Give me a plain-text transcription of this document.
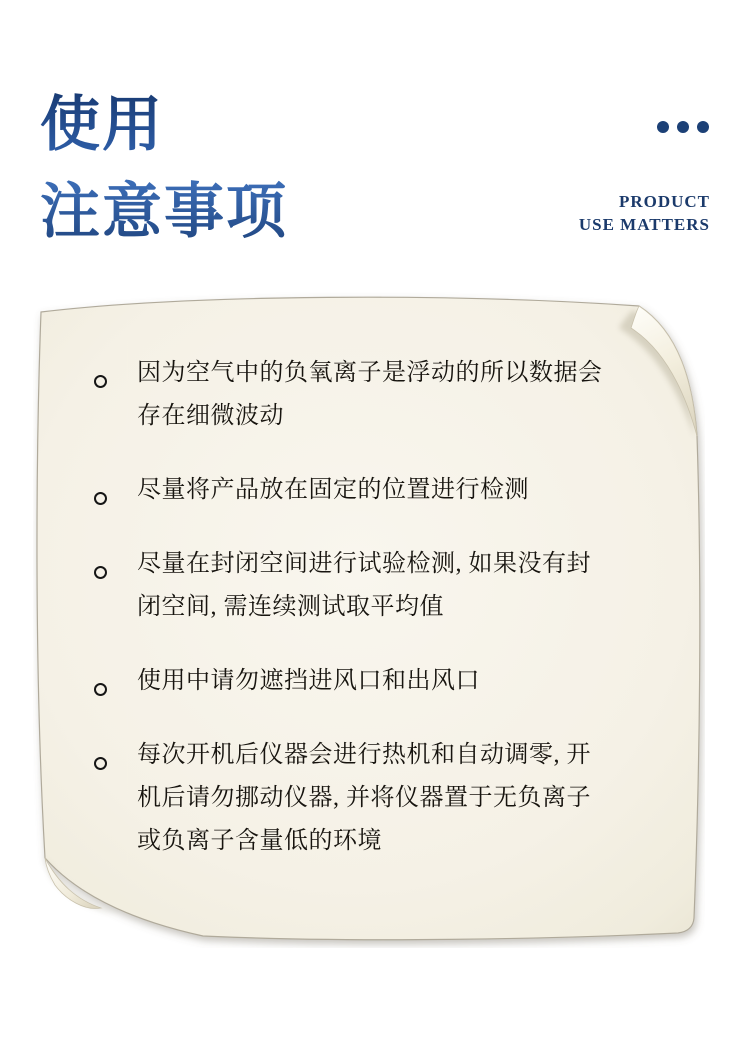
使用
注意事项	PRODUCT
USE MATTERS
因为空气中的负氧离子是浮动的所以数据会存在细微波动
尽量将产品放在固定的位置进行检测
尽量在封闭空间进行试验检测, 如果没有封闭空间, 需连续测试取平均值
使用中请勿遮挡进风口和出风口
每次开机后仪器会进行热机和自动调零, 开机后请勿挪动仪器, 并将仪器置于无负离子或负离子含量低的环境
